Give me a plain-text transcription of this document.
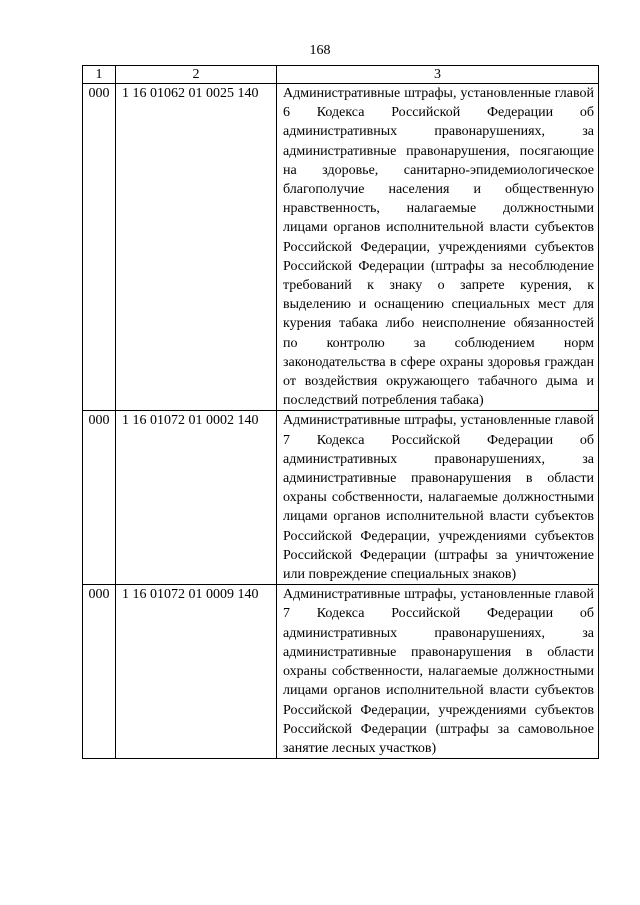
168
1	2	3
000	1 16 01062 01 0025 140	Административные штрафы, установленные главой 6 Кодекса Российской Федерации об административных правонарушениях, за административные правонарушения, посягающие на здоровье, санитарно-эпидемиологическое благополучие населения и общественную нравственность, налагаемые должностными лицами органов исполнительной власти субъектов Российской Федерации, учреждениями субъектов Российской Федерации (штрафы за несоблюдение требований к знаку о запрете курения, к выделению и оснащению специальных мест для курения табака либо неисполнение обязанностей по контролю за соблюдением норм законодательства в сфере охраны здоровья граждан от воздействия окружающего табачного дыма и последствий потребления табака)

000	1 16 01072 01 0002 140	Административные штрафы, установленные главой 7 Кодекса Российской Федерации об административных правонарушениях, за административные правонарушения в области охраны собственности, налагаемые должностными лицами органов исполнительной власти субъектов Российской Федерации, учреждениями субъектов Российской Федерации (штрафы за уничтожение или повреждение специальных знаков)

000	1 16 01072 01 0009 140	Административные штрафы, установленные главой 7 Кодекса Российской Федерации об административных правонарушениях, за административные правонарушения в области охраны собственности, налагаемые должностными лицами органов исполнительной власти субъектов Российской Федерации, учреждениями субъектов Российской Федерации (штрафы за самовольное занятие лесных участков)
